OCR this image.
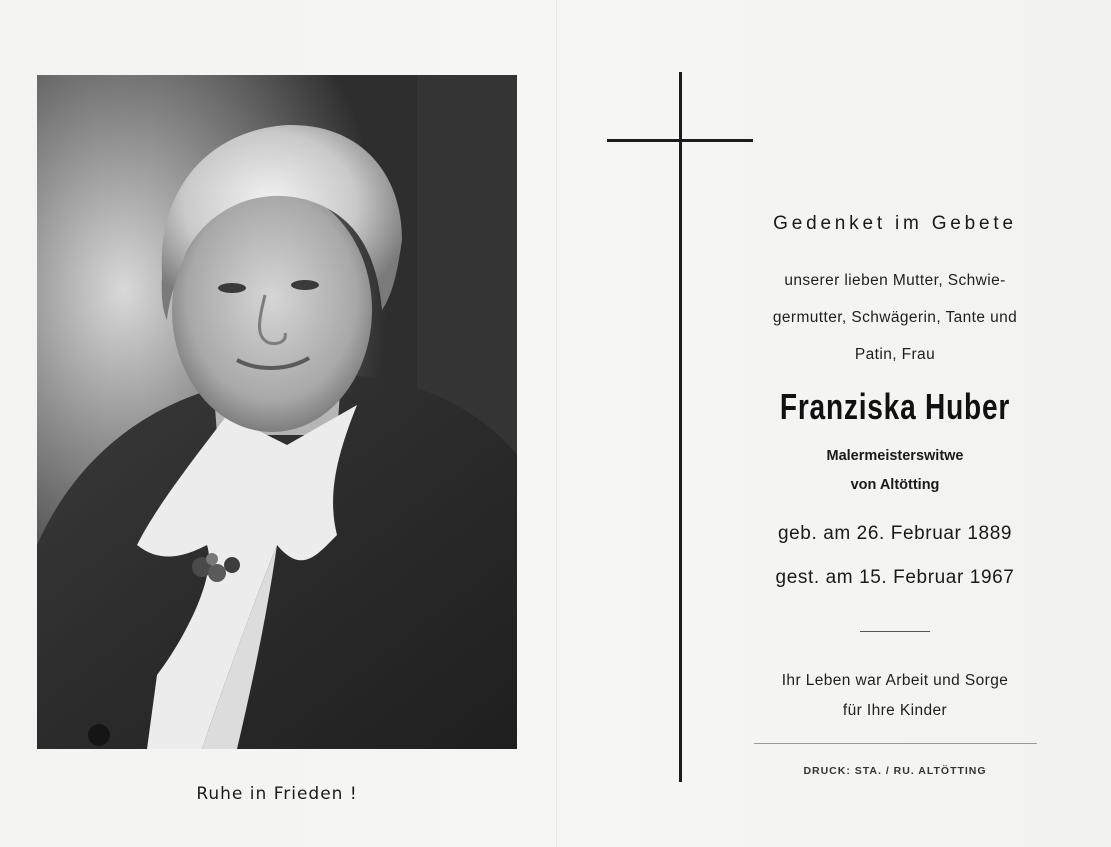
Ruhe in Frieden !
Gedenket im Gebete
unserer lieben Mutter, Schwie-
germutter, Schwägerin, Tante und
Patin, Frau
Franziska Huber
Malermeisterswitwe
von Altötting
geb. am 26. Februar 1889
gest. am 15. Februar 1967
Ihr Leben war Arbeit und Sorge
für Ihre Kinder
DRUCK: STA. / RU. ALTÖTTING
